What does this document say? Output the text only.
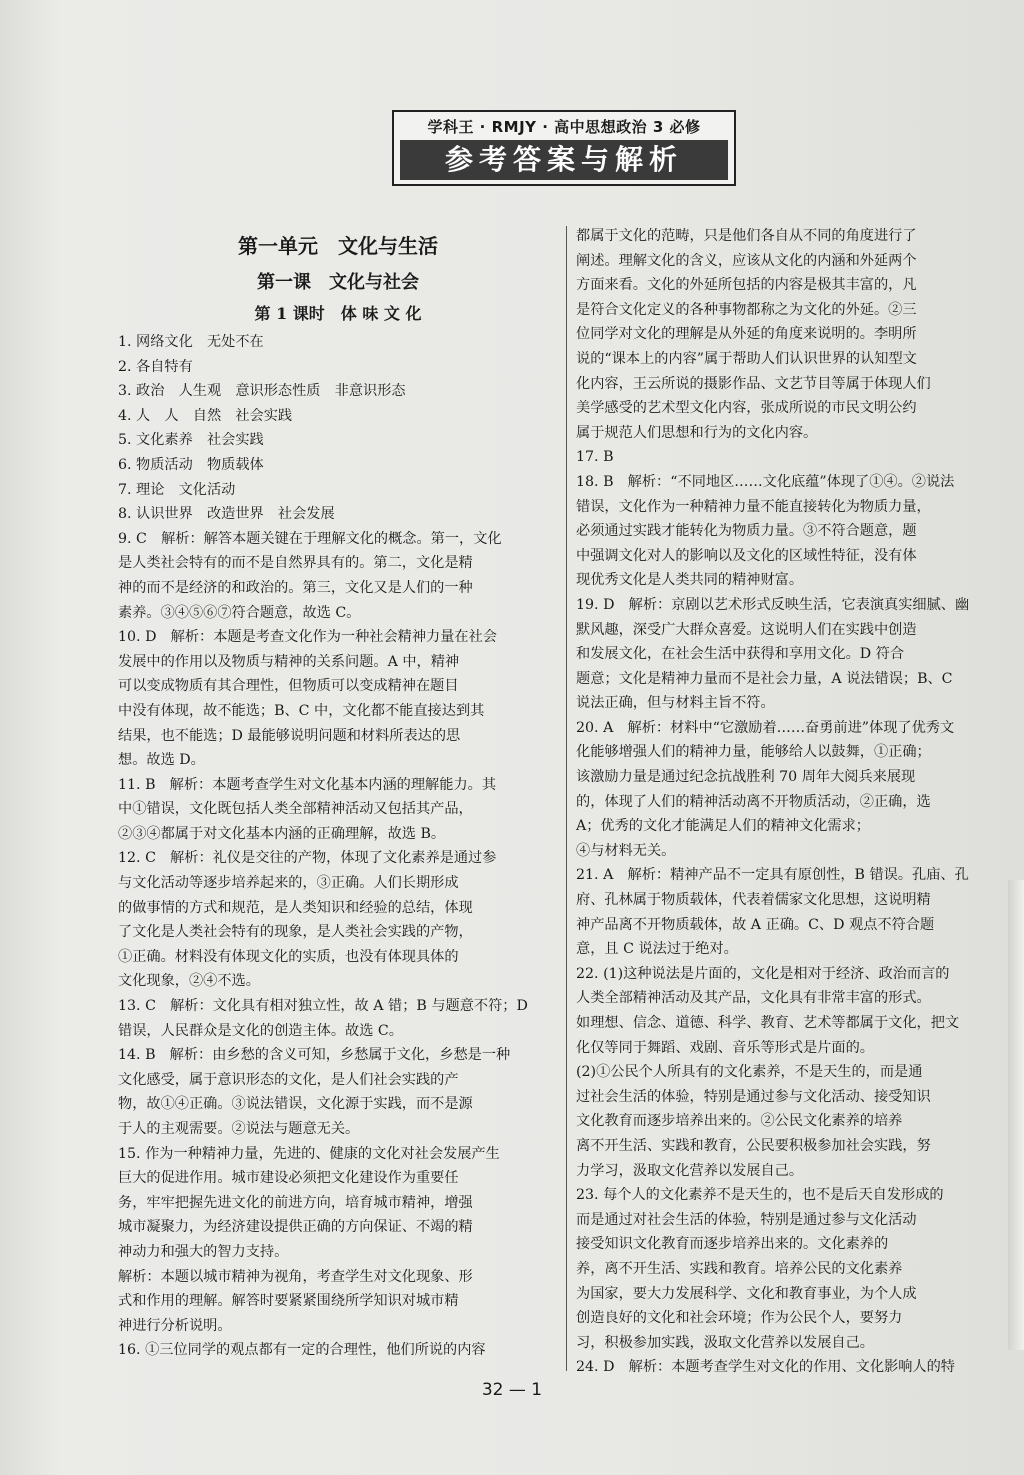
学科王 · RMJY · 高中思想政治 3 必修
参考答案与解析
第一单元　文化与生活
第一课　文化与社会
第 1 课时　体 味 文 化
1. 网络文化　无处不在
2. 各自特有
3. 政治　人生观　意识形态性质　非意识形态
4. 人　人　自然　社会实践
5. 文化素养　社会实践
6. 物质活动　物质载体
7. 理论　文化活动
8. 认识世界　改造世界　社会发展
9. C　解析：解答本题关键在于理解文化的概念。第一，文化
是人类社会特有的而不是自然界具有的。第二，文化是精
神的而不是经济的和政治的。第三，文化又是人们的一种
素养。③④⑤⑥⑦符合题意，故选 C。
10. D　解析：本题是考查文化作为一种社会精神力量在社会
发展中的作用以及物质与精神的关系问题。A 中，精神
可以变成物质有其合理性，但物质可以变成精神在题目
中没有体现，故不能选；B、C 中，文化都不能直接达到其
结果，也不能选；D 最能够说明问题和材料所表达的思
想。故选 D。
11. B　解析：本题考查学生对文化基本内涵的理解能力。其
中①错误，文化既包括人类全部精神活动又包括其产品，
②③④都属于对文化基本内涵的正确理解，故选 B。
12. C　解析：礼仪是交往的产物，体现了文化素养是通过参
与文化活动等逐步培养起来的，③正确。人们长期形成
的做事情的方式和规范，是人类知识和经验的总结，体现
了文化是人类社会特有的现象，是人类社会实践的产物，
①正确。材料没有体现文化的实质，也没有体现具体的
文化现象，②④不选。
13. C　解析：文化具有相对独立性，故 A 错；B 与题意不符；D
错误，人民群众是文化的创造主体。故选 C。
14. B　解析：由乡愁的含义可知，乡愁属于文化，乡愁是一种
文化感受，属于意识形态的文化，是人们社会实践的产
物，故①④正确。③说法错误，文化源于实践，而不是源
于人的主观需要。②说法与题意无关。
15. 作为一种精神力量，先进的、健康的文化对社会发展产生
巨大的促进作用。城市建设必须把文化建设作为重要任
务，牢牢把握先进文化的前进方向，培育城市精神，增强
城市凝聚力，为经济建设提供正确的方向保证、不竭的精
神动力和强大的智力支持。
解析：本题以城市精神为视角，考查学生对文化现象、形
式和作用的理解。解答时要紧紧围绕所学知识对城市精
神进行分析说明。
16. ①三位同学的观点都有一定的合理性，他们所说的内容
都属于文化的范畴，只是他们各自从不同的角度进行了
阐述。理解文化的含义，应该从文化的内涵和外延两个
方面来看。文化的外延所包括的内容是极其丰富的，凡
是符合文化定义的各种事物都称之为文化的外延。②三
位同学对文化的理解是从外延的角度来说明的。李明所
说的“课本上的内容”属于帮助人们认识世界的认知型文
化内容，王云所说的摄影作品、文艺节目等属于体现人们
美学感受的艺术型文化内容，张成所说的市民文明公约
属于规范人们思想和行为的文化内容。
17. B
18. B　解析：“不同地区……文化底蕴”体现了①④。②说法
错误，文化作为一种精神力量不能直接转化为物质力量，
必须通过实践才能转化为物质力量。③不符合题意，题
中强调文化对人的影响以及文化的区域性特征，没有体
现优秀文化是人类共同的精神财富。
19. D　解析：京剧以艺术形式反映生活，它表演真实细腻、幽
默风趣，深受广大群众喜爱。这说明人们在实践中创造
和发展文化，在社会生活中获得和享用文化。D 符合
题意；文化是精神力量而不是社会力量，A 说法错误；B、C
说法正确，但与材料主旨不符。
20. A　解析：材料中“它激励着……奋勇前进”体现了优秀文
化能够增强人们的精神力量，能够给人以鼓舞，①正确；
该激励力量是通过纪念抗战胜利 70 周年大阅兵来展现
的，体现了人们的精神活动离不开物质活动，②正确，选
A；优秀的文化才能满足人们的精神文化需求；
④与材料无关。
21. A　解析：精神产品不一定具有原创性，B 错误。孔庙、孔
府、孔林属于物质载体，代表着儒家文化思想，这说明精
神产品离不开物质载体，故 A 正确。C、D 观点不符合题
意，且 C 说法过于绝对。
22. (1)这种说法是片面的，文化是相对于经济、政治而言的
人类全部精神活动及其产品，文化具有非常丰富的形式。
如理想、信念、道德、科学、教育、艺术等都属于文化，把文
化仅等同于舞蹈、戏剧、音乐等形式是片面的。
(2)①公民个人所具有的文化素养，不是天生的，而是通
过社会生活的体验，特别是通过参与文化活动、接受知识
文化教育而逐步培养出来的。②公民文化素养的培养
离不开生活、实践和教育，公民要积极参加社会实践，努
力学习，汲取文化营养以发展自己。
23. 每个人的文化素养不是天生的，也不是后天自发形成的
而是通过对社会生活的体验，特别是通过参与文化活动
接受知识文化教育而逐步培养出来的。文化素养的
养，离不开生活、实践和教育。培养公民的文化素养
为国家，要大力发展科学、文化和教育事业，为个人成
创造良好的文化和社会环境；作为公民个人，要努力
习，积极参加实践，汲取文化营养以发展自己。
24. D　解析：本题考查学生对文化的作用、文化影响人的特
32 — 1
